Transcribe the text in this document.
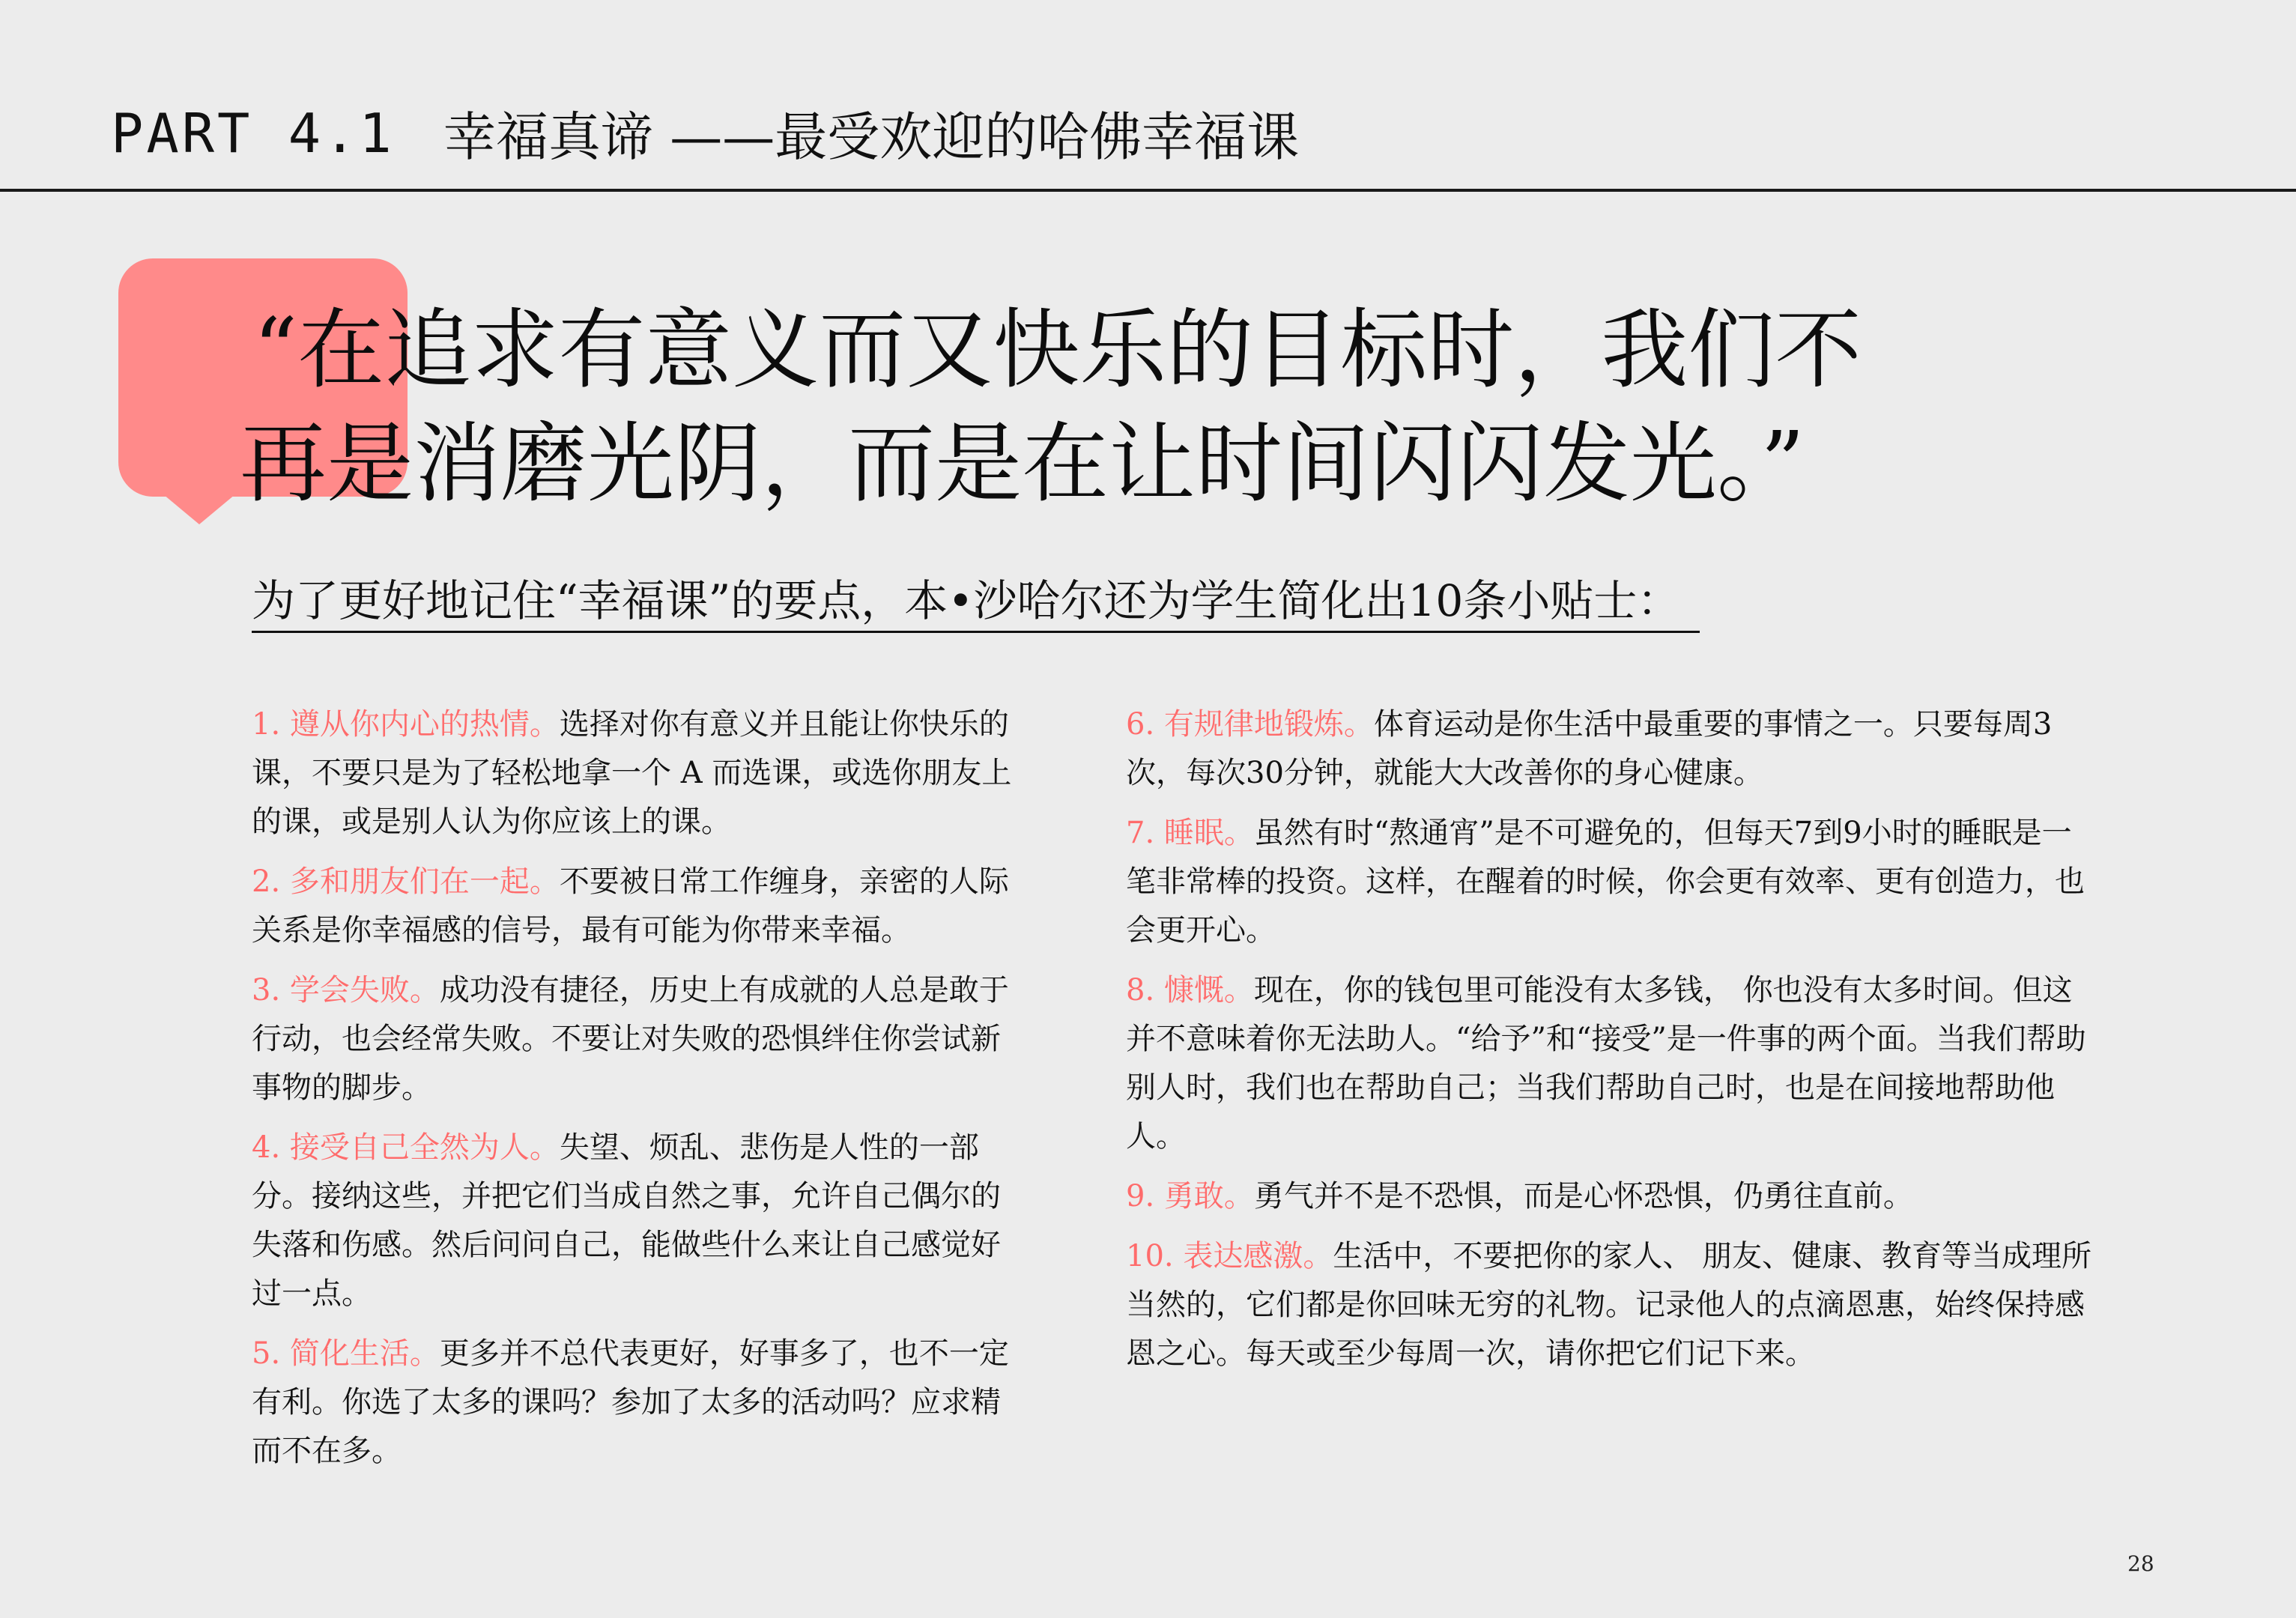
PART 4.1 幸福真谛 ——最受欢迎的哈佛幸福课

“在追求有意义而又快乐的目标时，我们不
再是消磨光阴，而是在让时间闪闪发光。”

为了更好地记住“幸福课”的要点，本•沙哈尔还为学生简化出10条小贴士：

1. 遵从你内心的热情。选择对你有意义并且能让你快乐的课，不要只是为了轻松地拿一个 A 而选课，或选你朋友上的课，或是别人认为你应该上的课。

2. 多和朋友们在一起。不要被日常工作缠身，亲密的人际关系是你幸福感的信号，最有可能为你带来幸福。

3. 学会失败。成功没有捷径，历史上有成就的人总是敢于行动，也会经常失败。不要让对失败的恐惧绊住你尝试新事物的脚步。

4. 接受自己全然为人。失望、烦乱、悲伤是人性的一部分。接纳这些，并把它们当成自然之事，允许自己偶尔的失落和伤感。然后问问自己，能做些什么来让自己感觉好过一点。

5. 简化生活。更多并不总代表更好，好事多了，也不一定有利。你选了太多的课吗？参加了太多的活动吗？应求精而不在多。

6. 有规律地锻炼。体育运动是你生活中最重要的事情之一。只要每周3次，每次30分钟，就能大大改善你的身心健康。

7. 睡眠。虽然有时“熬通宵”是不可避免的，但每天7到9小时的睡眠是一笔非常棒的投资。这样，在醒着的时候，你会更有效率、更有创造力，也会更开心。

8. 慷慨。现在，你的钱包里可能没有太多钱， 你也没有太多时间。但这并不意味着你无法助人。“给予”和“接受”是一件事的两个面。当我们帮助别人时，我们也在帮助自己；当我们帮助自己时，也是在间接地帮助他人。

9. 勇敢。勇气并不是不恐惧，而是心怀恐惧，仍勇往直前。

10. 表达感激。生活中，不要把你的家人、 朋友、健康、教育等当成理所当然的，它们都是你回味无穷的礼物。记录他人的点滴恩惠，始终保持感恩之心。每天或至少每周一次，请你把它们记下来。

28
